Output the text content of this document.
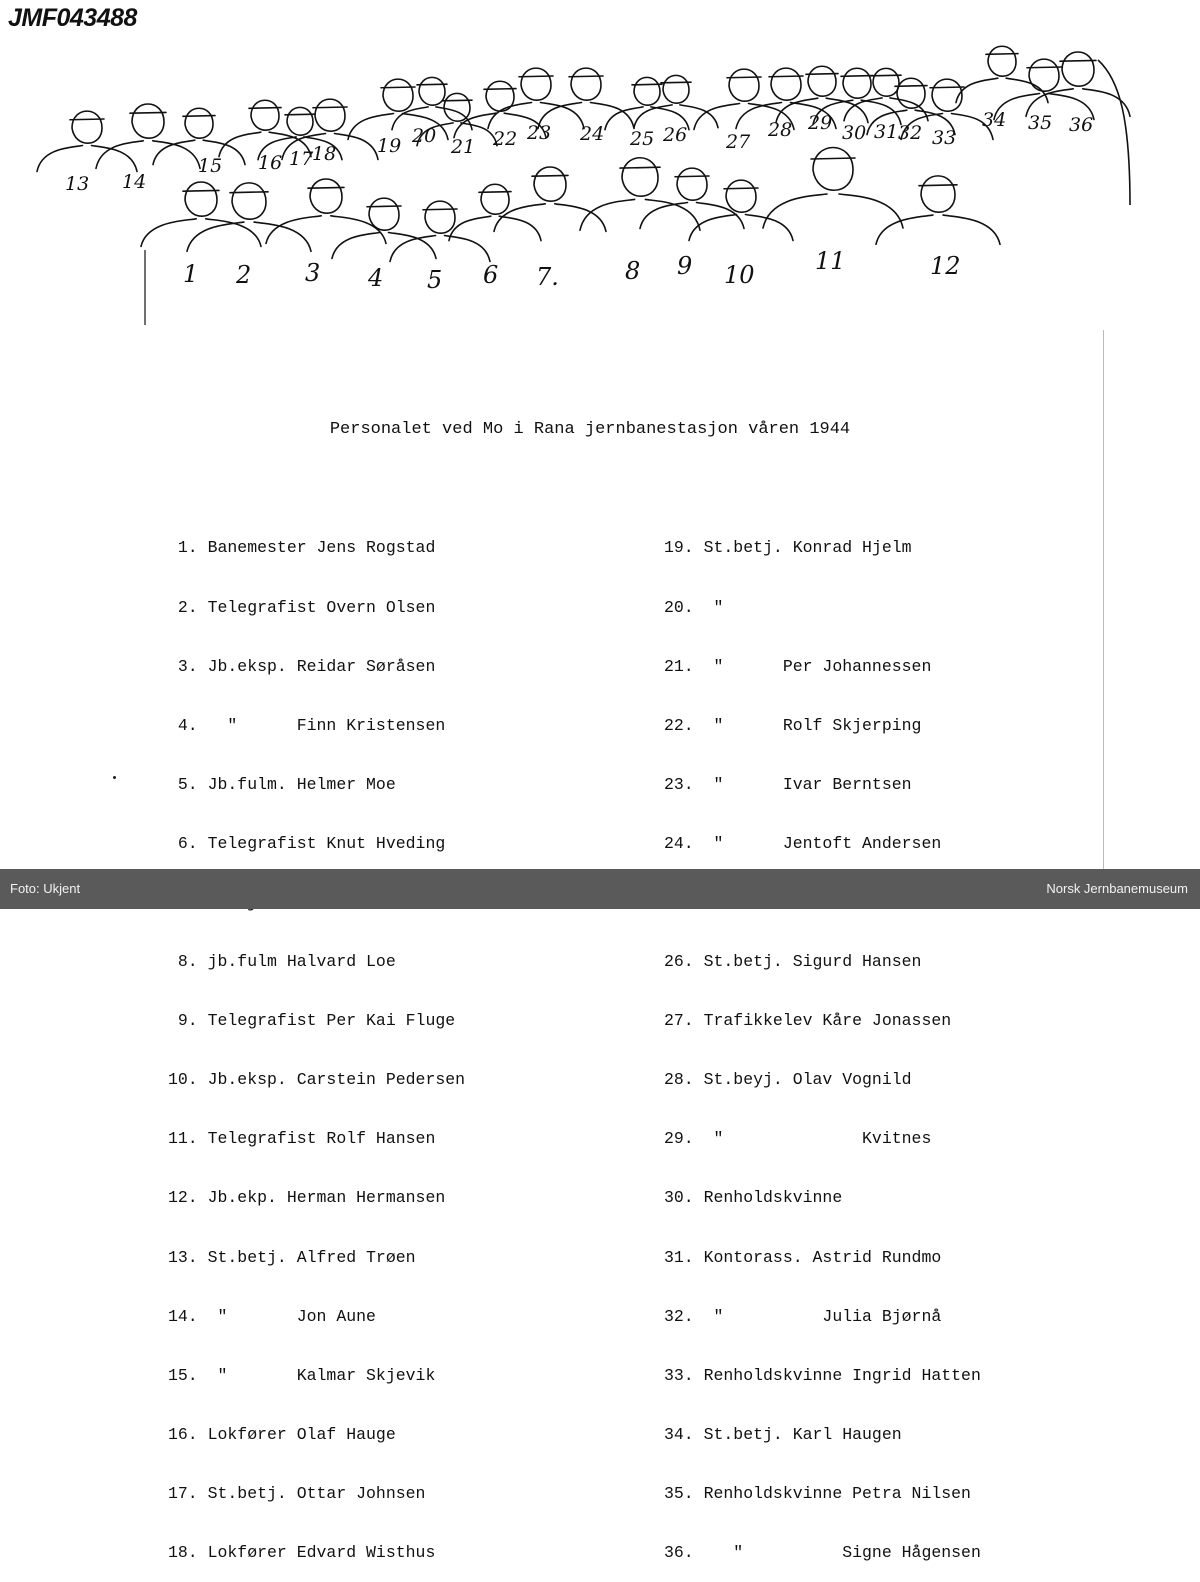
JMF043488
1 2 3 4 5 6 7.	8 9 10	11	12
13 14
15 16 17
18 19 20 21 22 23 24 25 26 27
28 29 30 31 32 33
34 35 36
Personalet ved Mo i Rana jernbanestasjon våren 1944

1. Banemester Jens Rogstad

2. Telegrafist Overn Olsen

3. Jb.eksp. Reidar Søråsen

4.   "      Finn Kristensen

5. Jb.fulm. Helmer Moe

6. Telegrafist Knut Hveding

8. jb.fulm Halvard Loe

9. Telegrafist Per Kai Fluge

10. Jb.eksp. Carstein Pedersen

11. Telegrafist Rolf Hansen

12. Jb.ekp. Herman Hermansen

13. St.betj. Alfred Trøen

14.  "       Jon Aune

15.  "       Kalmar Skjevik

16. Lokfører Olaf Hauge

17. St.betj. Ottar Johnsen

18. Lokfører Edvard Wisthus

19. St.betj. Konrad Hjelm

20.  "

21.  "      Per Johannessen

22.  "      Rolf Skjerping

23.  "      Ivar Berntsen

24.  "      Jentoft Andersen

26. St.betj. Sigurd Hansen

27. Trafikkelev Kåre Jonassen

28. St.beyj. Olav Vognild

29.  "              Kvitnes

30. Renholdskvinne

31. Kontorass. Astrid Rundmo

32.  "          Julia Bjørnå

33. Renholdskvinne Ingrid Hatten

34. St.betj. Karl Haugen

35. Renholdskvinne Petra Nilsen

36.    "          Signe Hågensen

Foto: Ukjent	Norsk Jernbanemuseum
